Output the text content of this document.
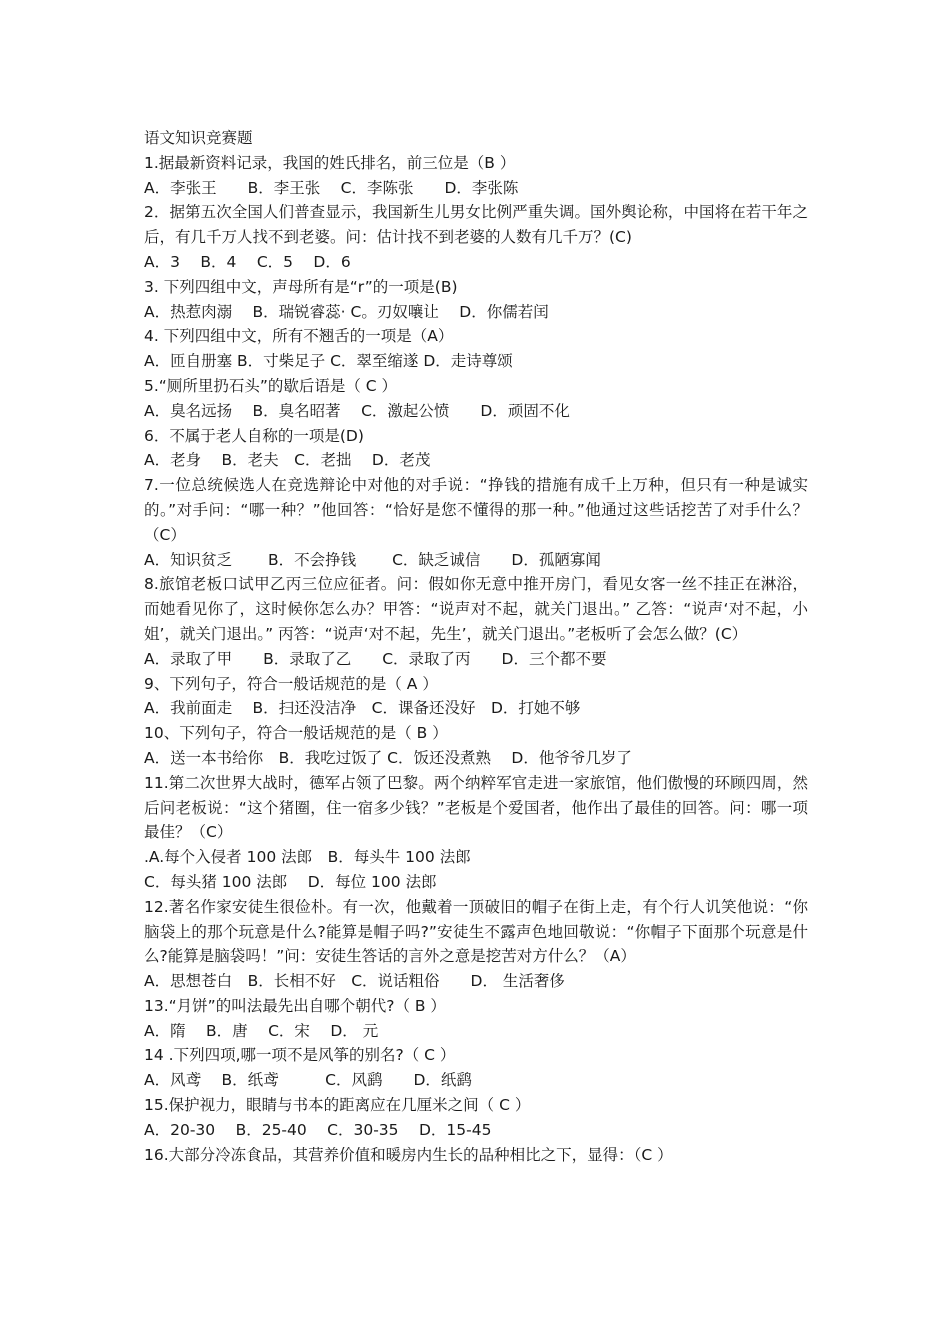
语文知识竞赛题
1.据最新资料记录，我国的姓氏排名，前三位是（B ）
A．李张王　　B．李王张　 C．李陈张　　D．李张陈
2．据第五次全国人们普查显示，我国新生儿男女比例严重失调。国外舆论称，中国将在若干年之后，有几千万人找不到老婆。问：估计找不到老婆的人数有几千万？(C)
A．3　 B．4　 C．5　 D．6
3. 下列四组中文，声母所有是“r”的一项是(B)
A．热惹肉溺　 B．瑞锐睿蕊· C。刃奴嚷让　 D．你儒若闰
4. 下列四组中文，所有不翘舌的一项是（A）
A．匝自册塞 B．寸柴足子 C．翠至缩遂 D．走诗尊颂
5.“厕所里扔石头”的歇后语是（ C ）
A．臭名远扬　 B．臭名昭著　 C．激起公愤　　D．顽固不化
6．不属于老人自称的一项是(D)
A．老身　 B．老夫　C．老拙　 D．老茂
7.一位总统候选人在竞选辩论中对他的对手说：“挣钱的措施有成千上万种，但只有一种是诚实的。”对手问：“哪一种？”他回答：“恰好是您不懂得的那一种。”他通过这些话挖苦了对手什么？（C）
A．知识贫乏　　 B．不会挣钱　　 C．缺乏诚信　　D．孤陋寡闻
8.旅馆老板口试甲乙丙三位应征者。问：假如你无意中推开房门，看见女客一丝不挂正在淋浴，而她看见你了，这时候你怎么办？甲答：“说声对不起，就关门退出。” 乙答：“说声‘对不起，小姐’，就关门退出。” 丙答：“说声‘对不起，先生’，就关门退出。”老板听了会怎么做？(C）
A．录取了甲　　B．录取了乙　　C．录取了丙　　D．三个都不要
9、下列句子，符合一般话规范的是（ A ）
A．我前面走　 B．扫还没洁净　C．课备还没好　D．打她不够
10、下列句子，符合一般话规范的是（ B ）
A．送一本书给你　B．我吃过饭了 C．饭还没煮熟　 D．他爷爷几岁了
11.第二次世界大战时，德军占领了巴黎。两个纳粹军官走进一家旅馆，他们傲慢的环顾四周，然后问老板说：“这个猪圈，住一宿多少钱？”老板是个爱国者，他作出了最佳的回答。问：哪一项最佳？（C）
.A.每个入侵者 100 法郎　B．每头牛 100 法郎
C．每头猪 100 法郎　 D．每位 100 法郎
12.著名作家安徒生很俭朴。有一次，他戴着一顶破旧的帽子在街上走，有个行人讥笑他说：“你脑袋上的那个玩意是什么?能算是帽子吗?”安徒生不露声色地回敬说：“你帽子下面那个玩意是什么?能算是脑袋吗！”问：安徒生答话的言外之意是挖苦对方什么？（A）
A．思想苍白　B．长相不好　C．说话粗俗　　D． 生活奢侈
13.“月饼”的叫法最先出自哪个朝代?（ B ）
A．隋　 B．唐　 C．宋　 D． 元
14 .下列四项,哪一项不是风筝的别名?（ C ）
A．风鸢　 B．纸鸢　　　C．风鹞　　D．纸鹞
15.保护视力，眼睛与书本的距离应在几厘米之间（ C ）
A．20-30　 B．25-40　 C．30-35　 D．15-45
16.大部分冷冻食品，其营养价值和暖房内生长的品种相比之下，显得：（C ）
